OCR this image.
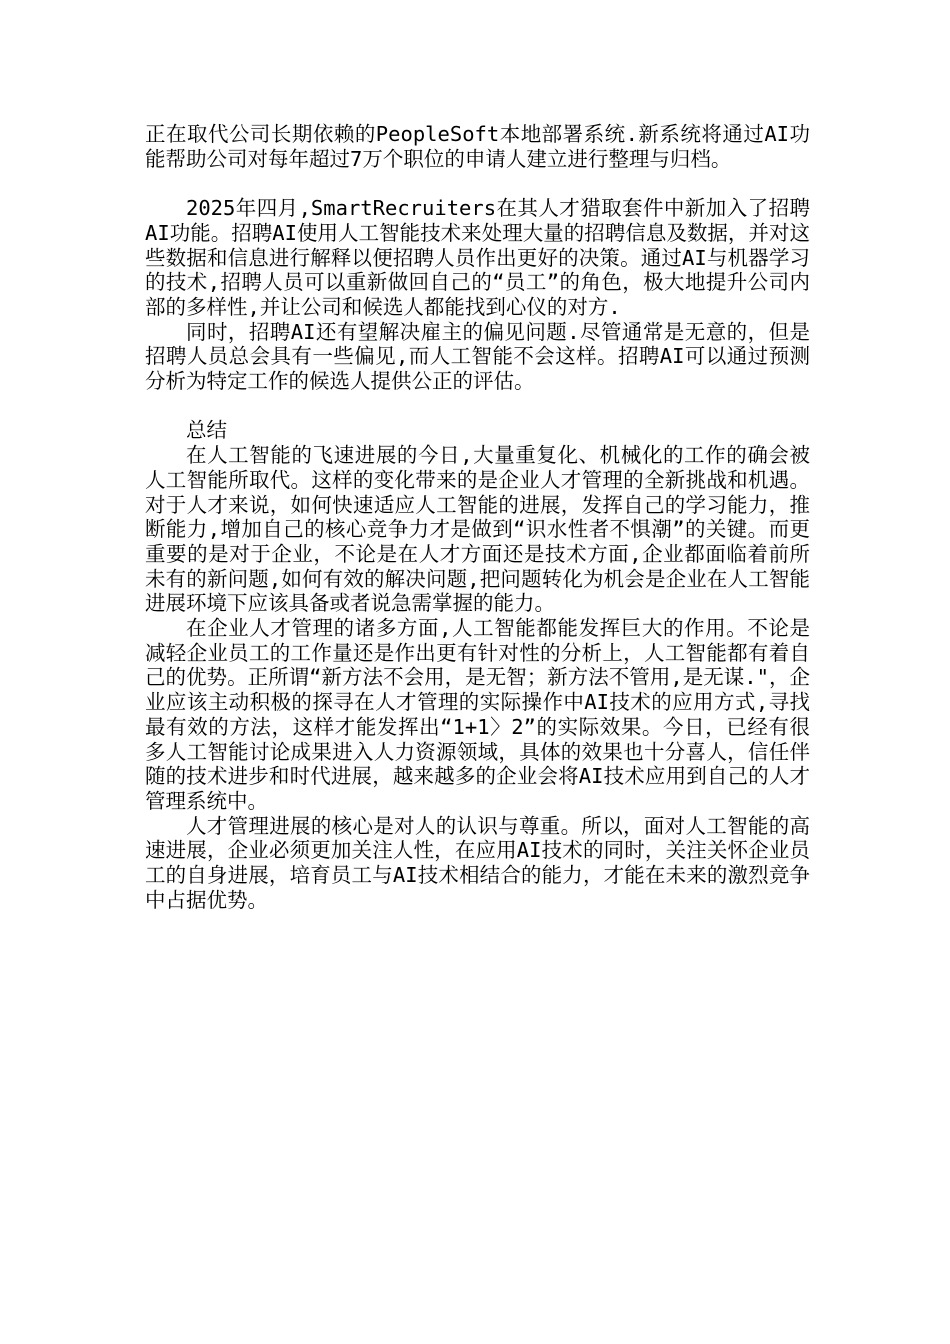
正在取代公司长期依赖的PeopleSoft本地部署系统.新系统将通过AI功能帮助公司对每年超过7万个职位的申请人建立进行整理与归档。

2025年四月,SmartRecruiters在其人才猎取套件中新加入了招聘AI功能。招聘AI使用人工智能技术来处理大量的招聘信息及数据，并对这些数据和信息进行解释以便招聘人员作出更好的决策。通过AI与机器学习的技术,招聘人员可以重新做回自己的“员工”的角色，极大地提升公司内部的多样性,并让公司和候选人都能找到心仪的对方.

同时，招聘AI还有望解决雇主的偏见问题.尽管通常是无意的，但是招聘人员总会具有一些偏见,而人工智能不会这样。招聘AI可以通过预测分析为特定工作的候选人提供公正的评估。

总结

在人工智能的飞速进展的今日,大量重复化、机械化的工作的确会被人工智能所取代。这样的变化带来的是企业人才管理的全新挑战和机遇。对于人才来说，如何快速适应人工智能的进展，发挥自己的学习能力，推断能力,增加自己的核心竞争力才是做到“识水性者不惧潮”的关键。而更重要的是对于企业，不论是在人才方面还是技术方面,企业都面临着前所未有的新问题,如何有效的解决问题,把问题转化为机会是企业在人工智能进展环境下应该具备或者说急需掌握的能力。

在企业人才管理的诸多方面,人工智能都能发挥巨大的作用。不论是减轻企业员工的工作量还是作出更有针对性的分析上，人工智能都有着自己的优势。正所谓“新方法不会用，是无智；新方法不管用,是无谋."，企业应该主动积极的探寻在人才管理的实际操作中AI技术的应用方式,寻找最有效的方法，这样才能发挥出“1+1〉2”的实际效果。今日，已经有很多人工智能讨论成果进入人力资源领域，具体的效果也十分喜人，信任伴随的技术进步和时代进展，越来越多的企业会将AI技术应用到自己的人才管理系统中。

人才管理进展的核心是对人的认识与尊重。所以，面对人工智能的高速进展，企业必须更加关注人性，在应用AI技术的同时，关注关怀企业员工的自身进展，培育员工与AI技术相结合的能力，才能在未来的激烈竞争中占据优势。
